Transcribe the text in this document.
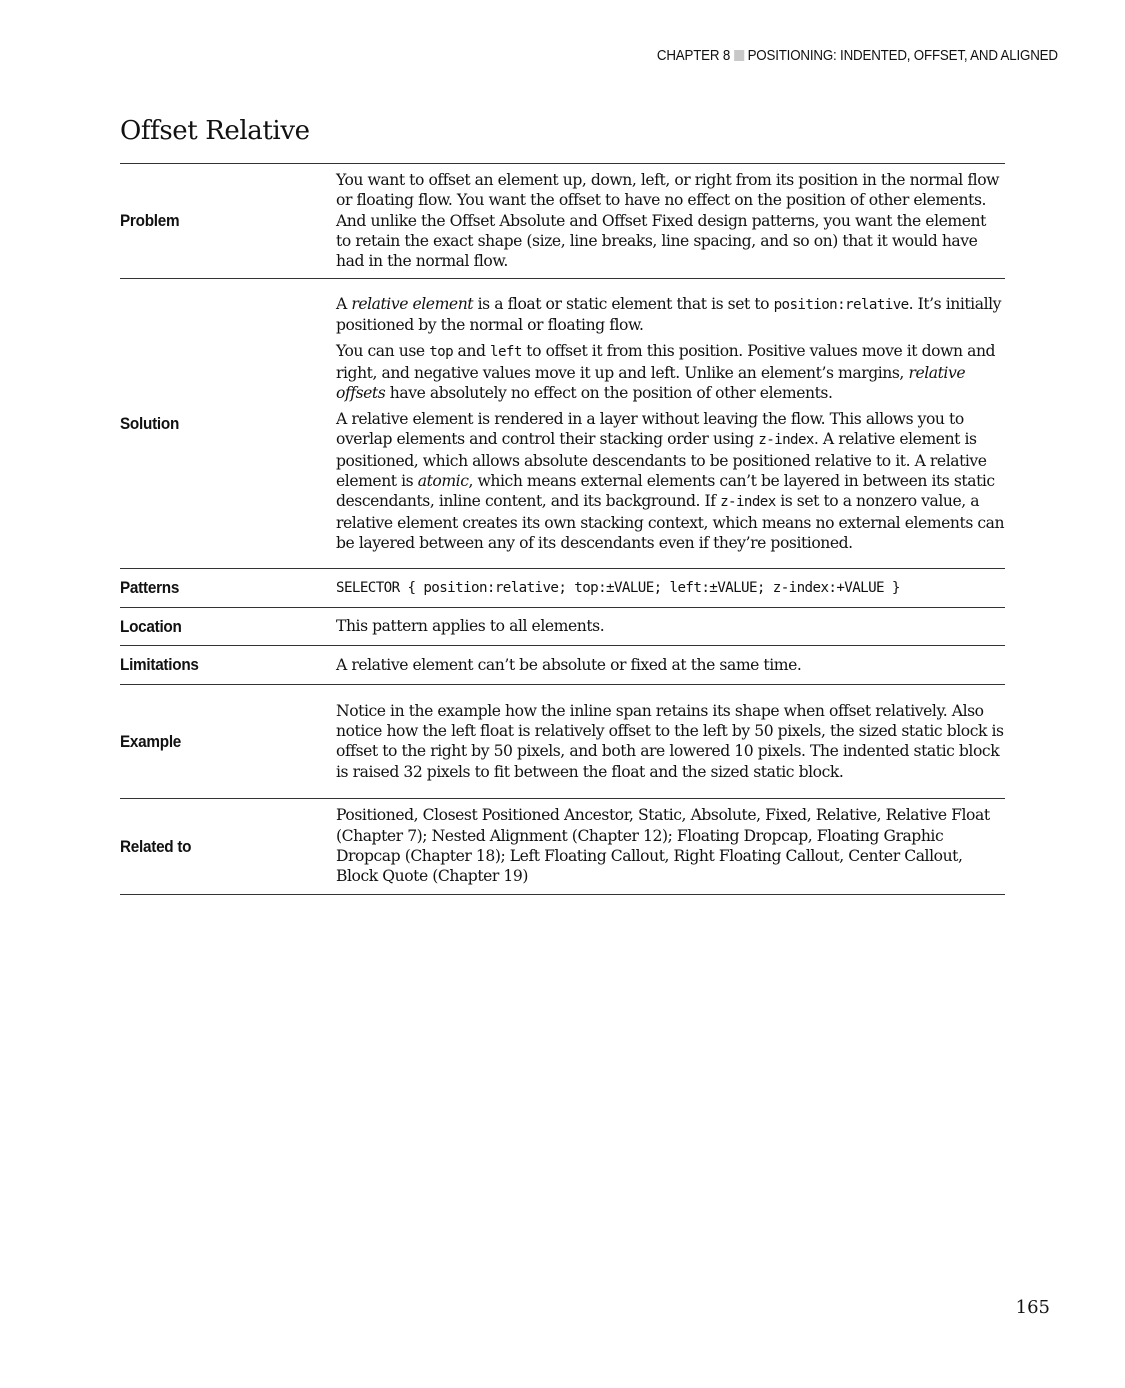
CHAPTER 8 POSITIONING: INDENTED, OFFSET, AND ALIGNED
Offset Relative
Problem	You want to offset an element up, down, left, or right from its position in the normal flow or floating flow. You want the offset to have no effect on the position of other elements. And unlike the Offset Absolute and Offset Fixed design patterns, you want the element to retain the exact shape (size, line breaks, line spacing, and so on) that it would have had in the normal flow.

Solution	A relative element is a float or static element that is set to position:relative. It’s initially positioned by the normal or floating flow.

You can use top and left to offset it from this position. Positive values move it down and right, and negative values move it up and left. Unlike an element’s margins, relative offsets have absolutely no effect on the position of other elements.

A relative element is rendered in a layer without leaving the flow. This allows you to overlap elements and control their stacking order using z-index. A relative element is positioned, which allows absolute descendants to be positioned relative to it. A relative element is atomic, which means external elements can’t be layered in between its static descendants, inline content, and its background. If z-index is set to a nonzero value, a relative element creates its own stacking context, which means no external elements can be layered between any of its descendants even if they’re positioned.

Patterns	SELECTOR { position:relative; top:±VALUE; left:±VALUE; z-index:+VALUE }

Location	This pattern applies to all elements.

Limitations	A relative element can’t be absolute or fixed at the same time.

Example	Notice in the example how the inline span retains its shape when offset relatively. Also notice how the left float is relatively offset to the left by 50 pixels, the sized static block is offset to the right by 50 pixels, and both are lowered 10 pixels. The indented static block is raised 32 pixels to fit between the float and the sized static block.

Related to	Positioned, Closest Positioned Ancestor, Static, Absolute, Fixed, Relative, Relative Float (Chapter 7); Nested Alignment (Chapter 12); Floating Dropcap, Floating Graphic Dropcap (Chapter 18); Left Floating Callout, Right Floating Callout, Center Callout, Block Quote (Chapter 19)

165
